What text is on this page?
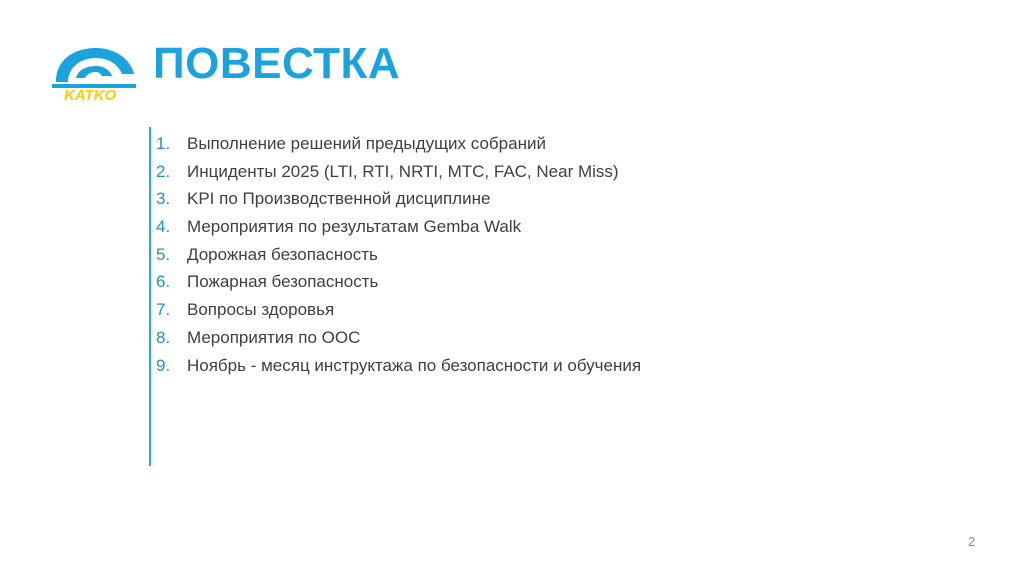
KATKO
ПОВЕСТКА
1. Выполнение решений предыдущих собраний
2. Инциденты 2025 (LTI, RTI, NRTI, MTC, FAC, Near Miss)
3. KPI по Производственной дисциплине
4. Мероприятия по результатам Gemba Walk
5. Дорожная безопасность
6. Пожарная безопасность
7. Вопросы здоровья
8. Мероприятия по ООС
9. Ноябрь - месяц инструктажа по безопасности и обучения
2
